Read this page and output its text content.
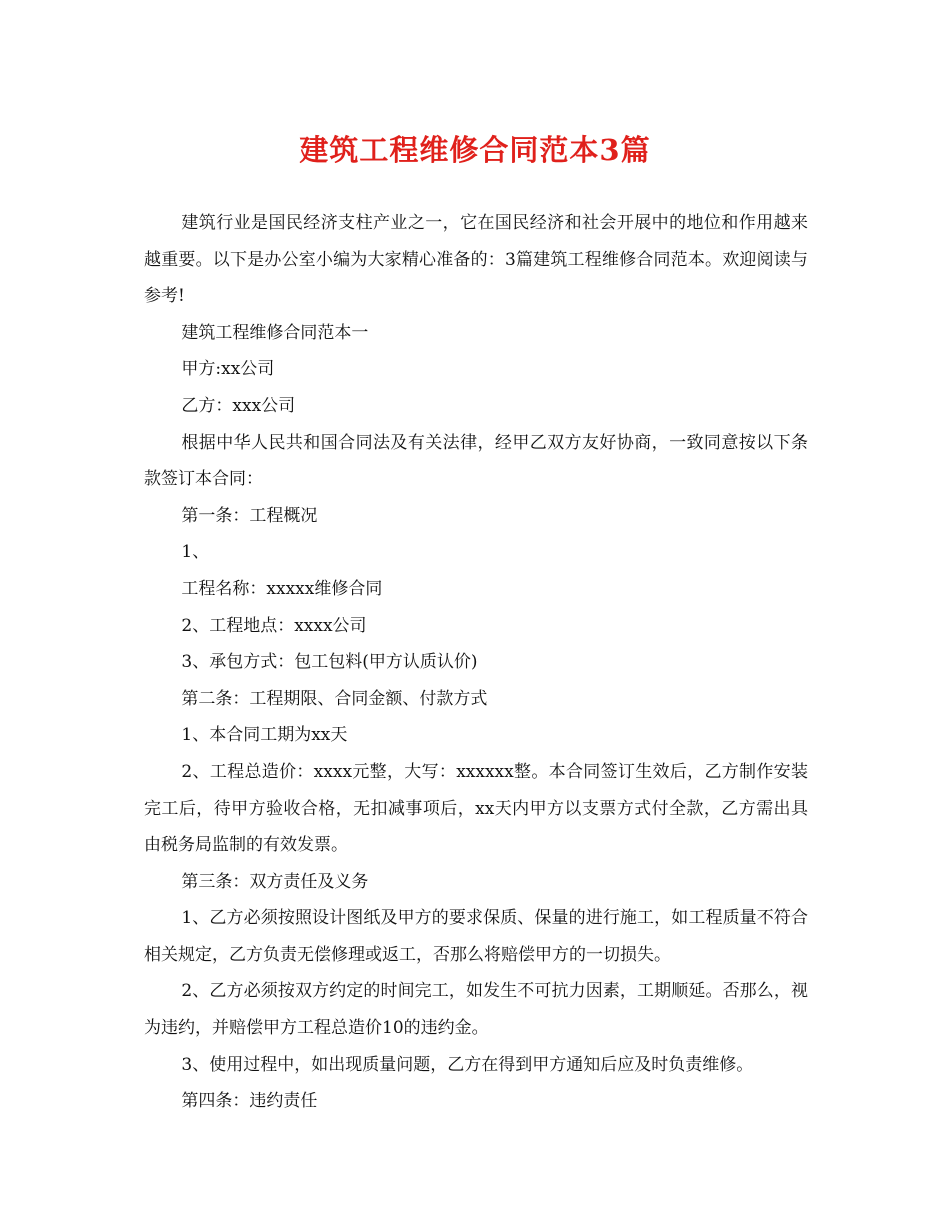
建筑工程维修合同范本3篇

建筑行业是国民经济支柱产业之一，它在国民经济和社会开展中的地位和作用越来越重要。以下是办公室小编为大家精心准备的：3篇建筑工程维修合同范本。欢迎阅读与参考!

建筑工程维修合同范本一

甲方:xx公司

乙方：xxx公司

根据中华人民共和国合同法及有关法律，经甲乙双方友好协商，一致同意按以下条款签订本合同：

第一条：工程概况

1、

工程名称：xxxxx维修合同

2、工程地点：xxxx公司

3、承包方式：包工包料(甲方认质认价)

第二条：工程期限、合同金额、付款方式

1、本合同工期为xx天

2、工程总造价：xxxx元整，大写：xxxxxx整。本合同签订生效后，乙方制作安装完工后，待甲方验收合格，无扣减事项后，xx天内甲方以支票方式付全款，乙方需出具由税务局监制的有效发票。

第三条：双方责任及义务

1、乙方必须按照设计图纸及甲方的要求保质、保量的进行施工，如工程质量不符合相关规定，乙方负责无偿修理或返工，否那么将赔偿甲方的一切损失。

2、乙方必须按双方约定的时间完工，如发生不可抗力因素，工期顺延。否那么，视为违约，并赔偿甲方工程总造价10的违约金。

3、使用过程中，如出现质量问题，乙方在得到甲方通知后应及时负责维修。

第四条：违约责任
